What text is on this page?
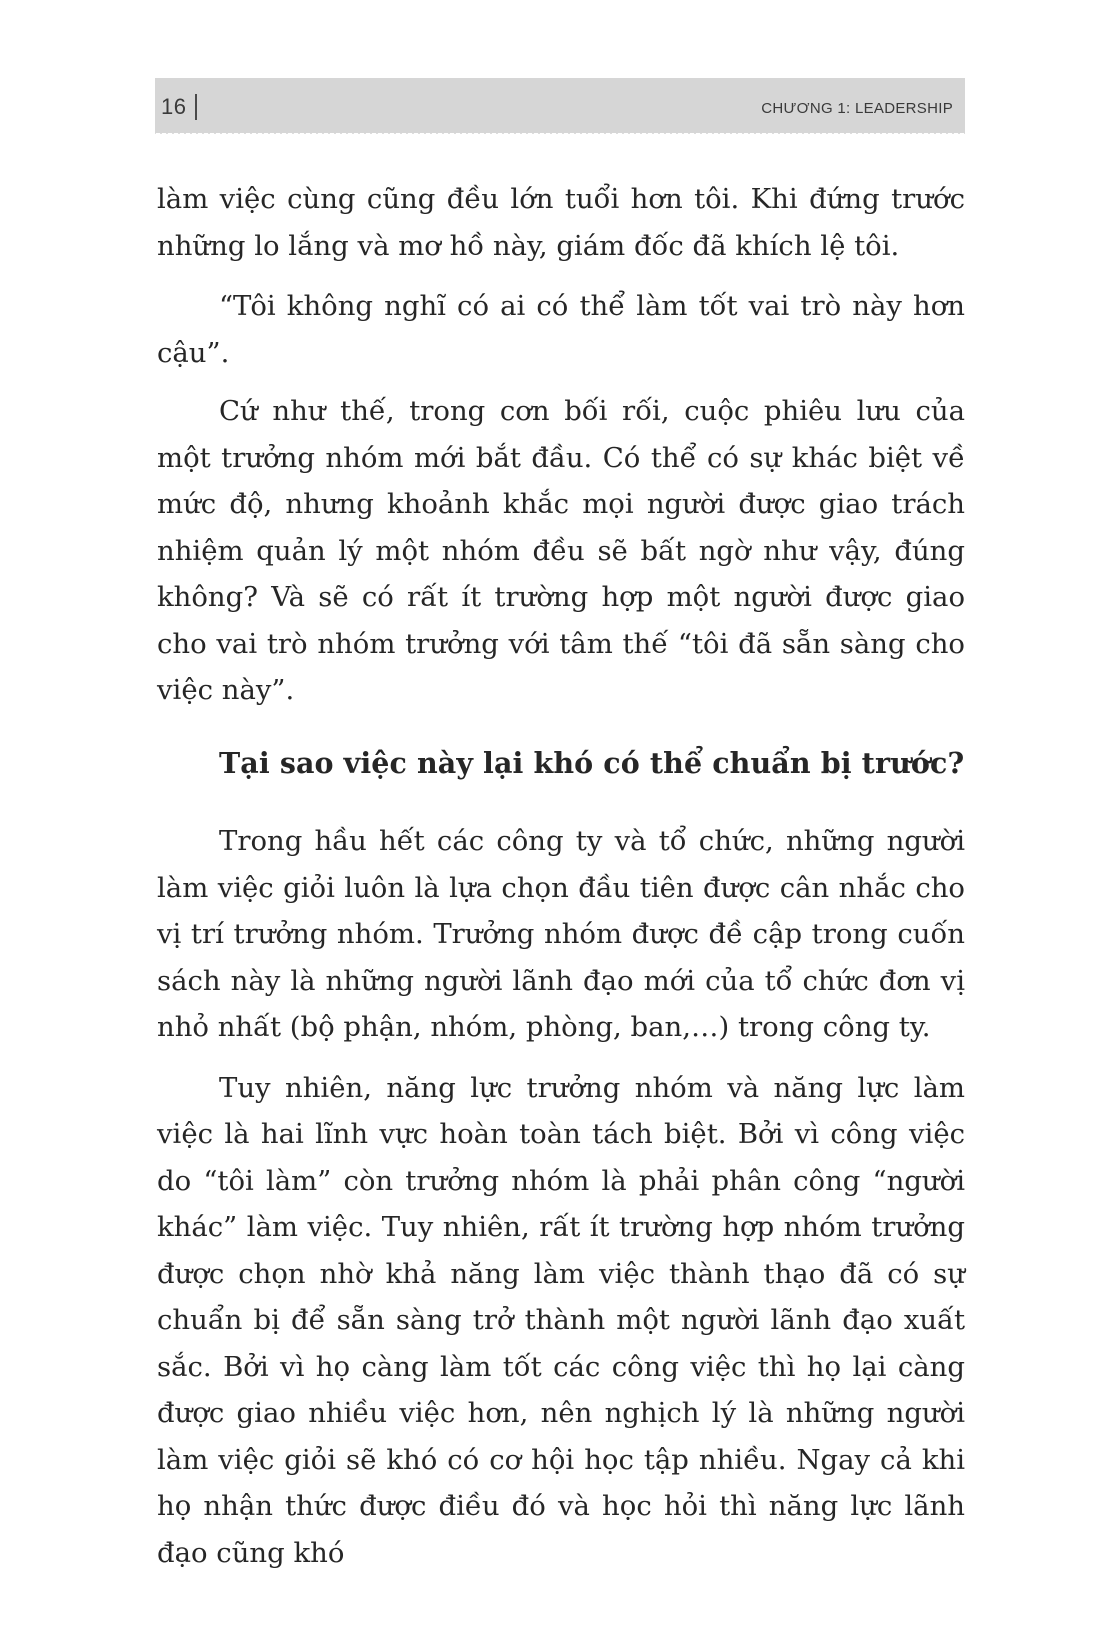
16	CHƯƠNG 1: LEADERSHIP

làm việc cùng cũng đều lớn tuổi hơn tôi. Khi đứng trước những lo lắng và mơ hồ này, giám đốc đã khích lệ tôi.

“Tôi không nghĩ có ai có thể làm tốt vai trò này hơn cậu”.

Cứ như thế, trong cơn bối rối, cuộc phiêu lưu của một trưởng nhóm mới bắt đầu. Có thể có sự khác biệt về mức độ, nhưng khoảnh khắc mọi người được giao trách nhiệm quản lý một nhóm đều sẽ bất ngờ như vậy, đúng không? Và sẽ có rất ít trường hợp một người được giao cho vai trò nhóm trưởng với tâm thế “tôi đã sẵn sàng cho việc này”.

Tại sao việc này lại khó có thể chuẩn bị trước?

Trong hầu hết các công ty và tổ chức, những người làm việc giỏi luôn là lựa chọn đầu tiên được cân nhắc cho vị trí trưởng nhóm. Trưởng nhóm được đề cập trong cuốn sách này là những người lãnh đạo mới của tổ chức đơn vị nhỏ nhất (bộ phận, nhóm, phòng, ban,…) trong công ty.

Tuy nhiên, năng lực trưởng nhóm và năng lực làm việc là hai lĩnh vực hoàn toàn tách biệt. Bởi vì công việc do “tôi làm” còn trưởng nhóm là phải phân công “người khác” làm việc. Tuy nhiên, rất ít trường hợp nhóm trưởng được chọn nhờ khả năng làm việc thành thạo đã có sự chuẩn bị để sẵn sàng trở thành một người lãnh đạo xuất sắc. Bởi vì họ càng làm tốt các công việc thì họ lại càng được giao nhiều việc hơn, nên nghịch lý là những người làm việc giỏi sẽ khó có cơ hội học tập nhiều. Ngay cả khi họ nhận thức được điều đó và học hỏi thì năng lực lãnh đạo cũng khó
